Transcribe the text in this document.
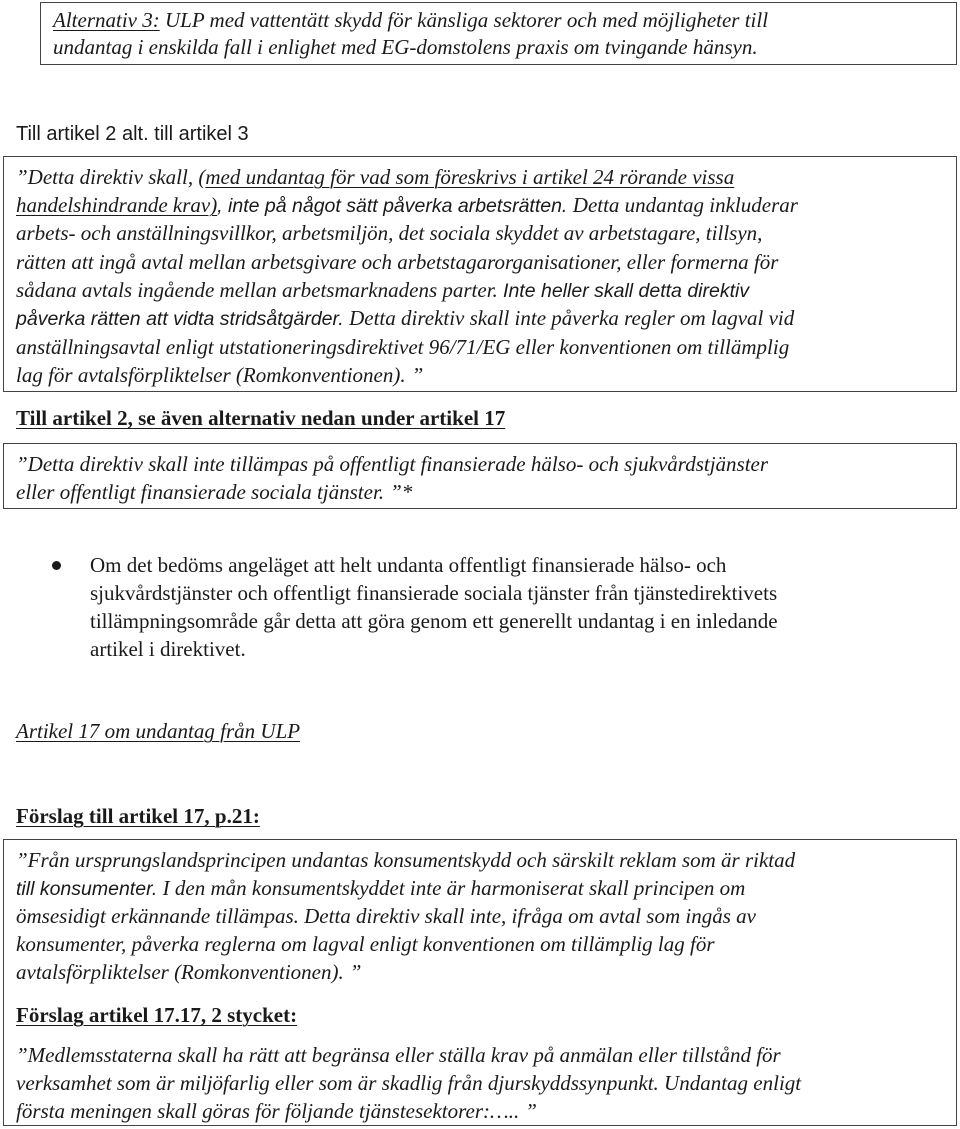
Alternativ 3: ULP med vattentätt skydd för känsliga sektorer och med möjligheter till
undantag i enskilda fall i enlighet med EG-domstolens praxis om tvingande hänsyn.
Till artikel 2 alt. till artikel 3
”Detta direktiv skall, (med undantag för vad som föreskrivs i artikel 24 rörande vissa
handelshindrande krav), inte på något sätt påverka arbetsrätten. Detta undantag inkluderar
arbets- och anställningsvillkor, arbetsmiljön, det sociala skyddet av arbetstagare, tillsyn,
rätten att ingå avtal mellan arbetsgivare och arbetstagarorganisationer, eller formerna för
sådana avtals ingående mellan arbetsmarknadens parter. Inte heller skall detta direktiv
påverka rätten att vidta stridsåtgärder. Detta direktiv skall inte påverka regler om lagval vid
anställningsavtal enligt utstationeringsdirektivet 96/71/EG eller konventionen om tillämplig
lag för avtalsförpliktelser (Romkonventionen). ”
Till artikel 2, se även alternativ nedan under artikel 17
”Detta direktiv skall inte tillämpas på offentligt finansierade hälso- och sjukvårdstjänster
eller offentligt finansierade sociala tjänster. ”*
Om det bedöms angeläget att helt undanta offentligt finansierade hälso- och
sjukvårdstjänster och offentligt finansierade sociala tjänster från tjänstedirektivets
tillämpningsområde går detta att göra genom ett generellt undantag i en inledande
artikel i direktivet.
Artikel 17 om undantag från ULP
Förslag till artikel 17, p.21:
”Från ursprungslandsprincipen undantas konsumentskydd och särskilt reklam som är riktad
till konsumenter. I den mån konsumentskyddet inte är harmoniserat skall principen om
ömsesidigt erkännande tillämpas. Detta direktiv skall inte, ifråga om avtal som ingås av
konsumenter, påverka reglerna om lagval enligt konventionen om tillämplig lag för
avtalsförpliktelser (Romkonventionen). ”
Förslag artikel 17.17, 2 stycket:
”Medlemsstaterna skall ha rätt att begränsa eller ställa krav på anmälan eller tillstånd för
verksamhet som är miljöfarlig eller som är skadlig från djurskyddssynpunkt. Undantag enligt
första meningen skall göras för följande tjänstesektorer:….. ”
